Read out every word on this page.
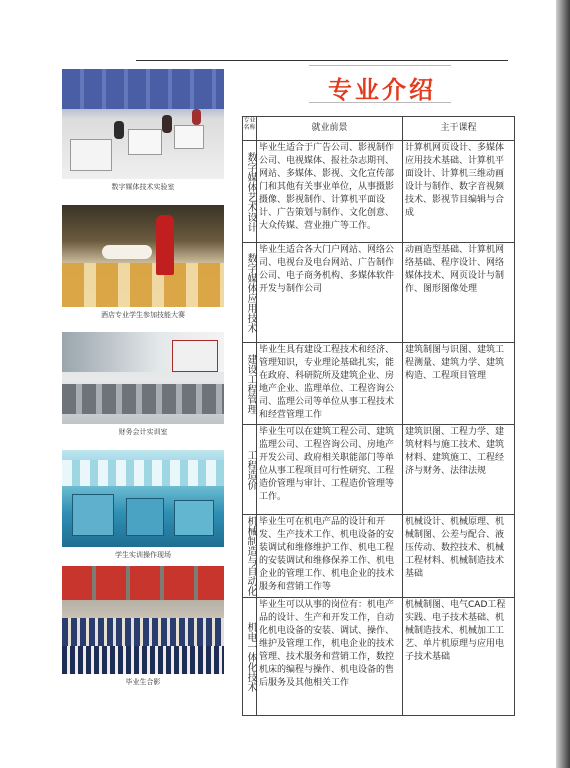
专业介绍
数字媒体技术实验室
酒店专业学生参加技能大赛
财务会计实训室
学生实训操作现场
毕业生合影
专业名称	就业前景	主干课程
数字媒体艺术设计	毕业生适合于广告公司、影视制作公司、电视媒体、报社杂志期刊、网站、多媒体、影视、文化宣传部门和其他有关事业单位，从事摄影摄像、影视制作、计算机平面设计、广告策划与制作、文化创意、大众传媒、营业推广等工作。	计算机网页设计、多媒体应用技术基础、计算机平面设计、计算机三维动画设计与制作、数字音视频技术、影视节目编辑与合成
数字媒体应用技术	毕业生适合各大门户网站、网络公司、电视台及电台网站、广告制作公司、电子商务机构、多媒体软件开发与制作公司	动画造型基础、计算机网络基础、程序设计、网络媒体技术、网页设计与制作、图形图像处理
建设工程管理	毕业生具有建设工程技术和经济、管理知识，专业理论基础扎实，能在政府、科研院所及建筑企业、房地产企业、监理单位、工程咨询公司、监理公司等单位从事工程技术和经营管理工作	建筑制图与识图、建筑工程测量、建筑力学、建筑构造、工程项目管理
工程造价	毕业生可以在建筑工程公司、建筑监理公司、工程咨询公司、房地产开发公司、政府相关职能部门等单位从事工程项目可行性研究、工程造价管理与审计、工程造价管理等工作。	建筑识图、工程力学、建筑材料与施工技术、建筑材料、建筑施工、工程经济与财务、法律法规
机械制造与自动化	毕业生可在机电产品的设计和开发、生产技术工作、机电设备的安装调试和维修维护工作、机电工程的安装调试和维修保养工作、机电企业的管理工作、机电企业的技术服务和营销工作等	机械设计、机械原理、机械制图、公差与配合、液压传动、数控技术、机械工程材料、机械制造技术基础
机电一体化技术	毕业生可以从事的岗位有：机电产品的设计、生产和开发工作，自动化机电设备的安装、调试、操作、维护及管理工作，机电企业的技术管理、技术服务和营销工作，数控机床的编程与操作、机电设备的售后服务及其他相关工作	机械制图、电气CAD工程实践、电子技术基础、机械制造技术、机械加工工艺、单片机原理与应用电子技术基础
